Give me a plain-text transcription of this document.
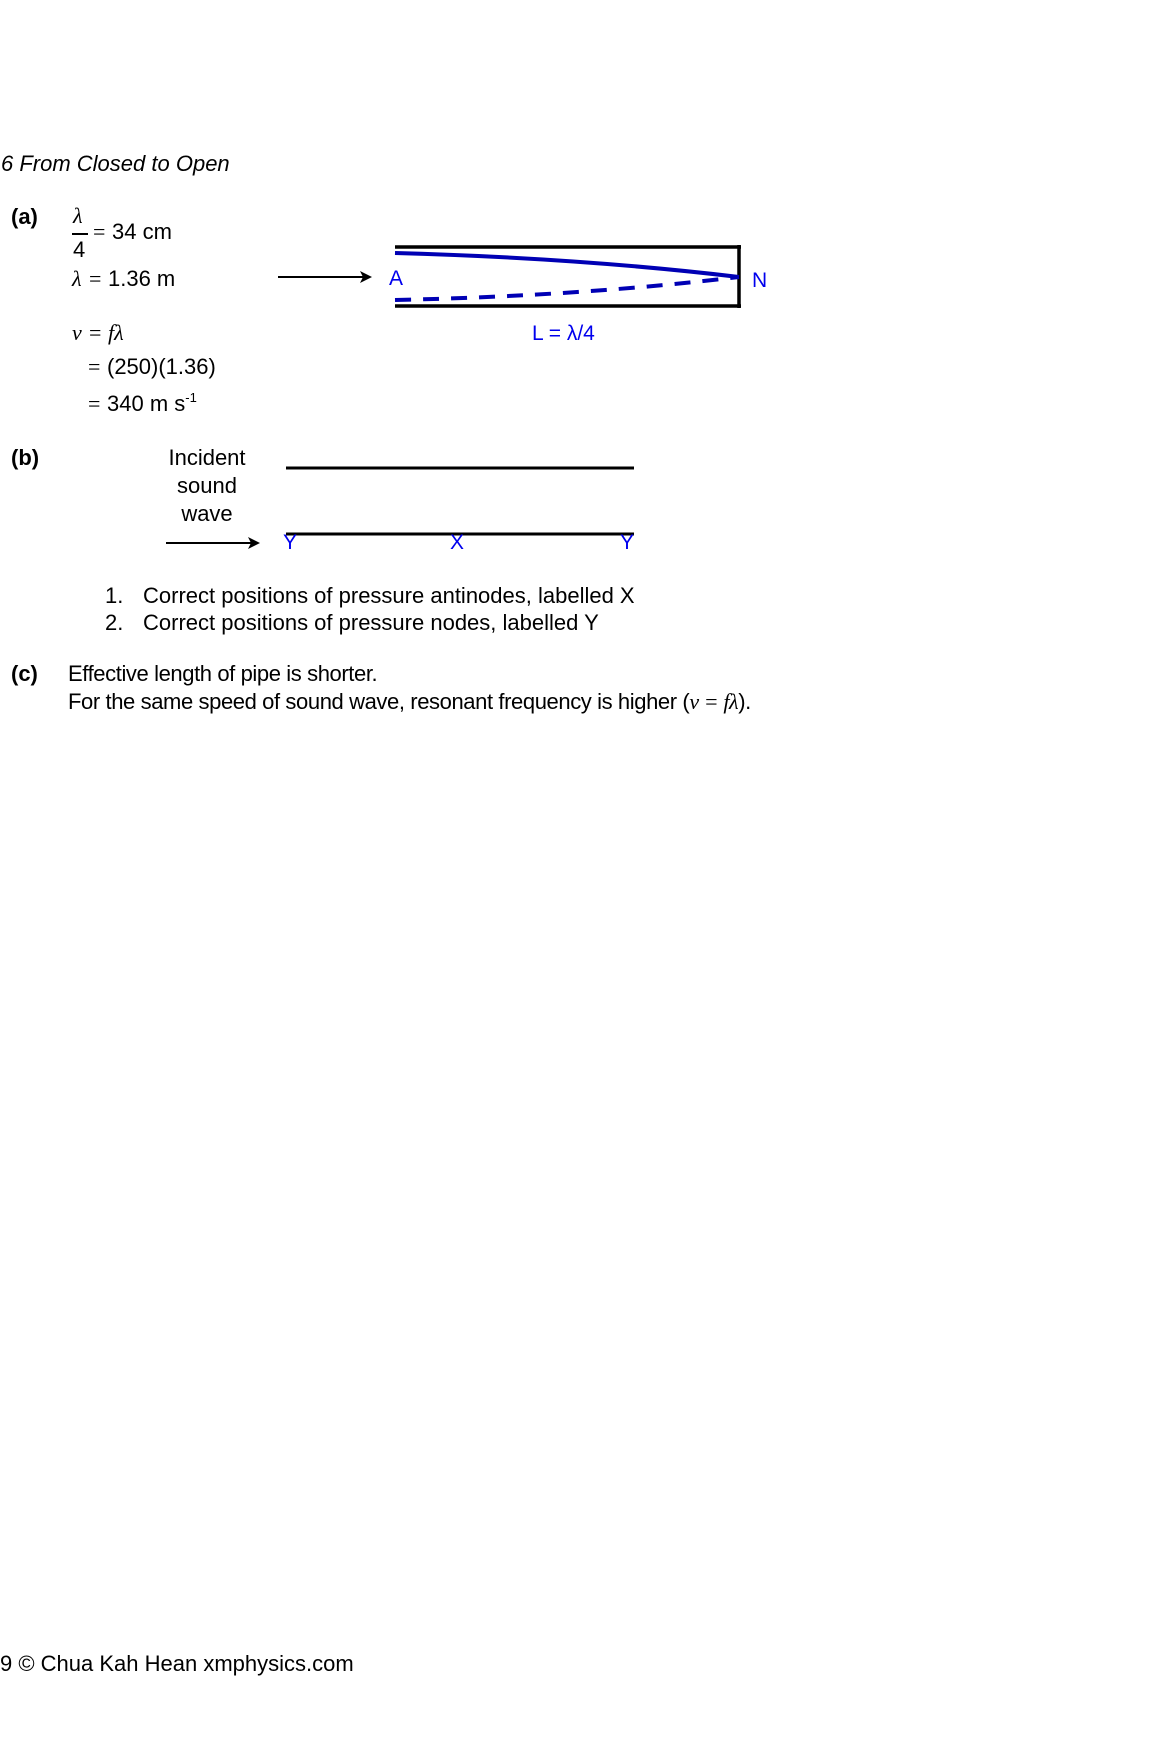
6 From Closed to Open
(a) λ
4
= 34 cm
λ = 1.36 m
v = fλ
= (250)(1.36)
= 340 m $s^{-1}$
A	N
L = λ/4
(b)	Incident
sound
wave
Y	X	Y
1. Correct positions of pressure antinodes, labelled X
2. Correct positions of pressure nodes, labelled Y
(c) Effective length of pipe is shorter.
For the same speed of sound wave, resonant frequency is higher (v = fλ).
9 © Chua Kah Hean xmphysics.com
